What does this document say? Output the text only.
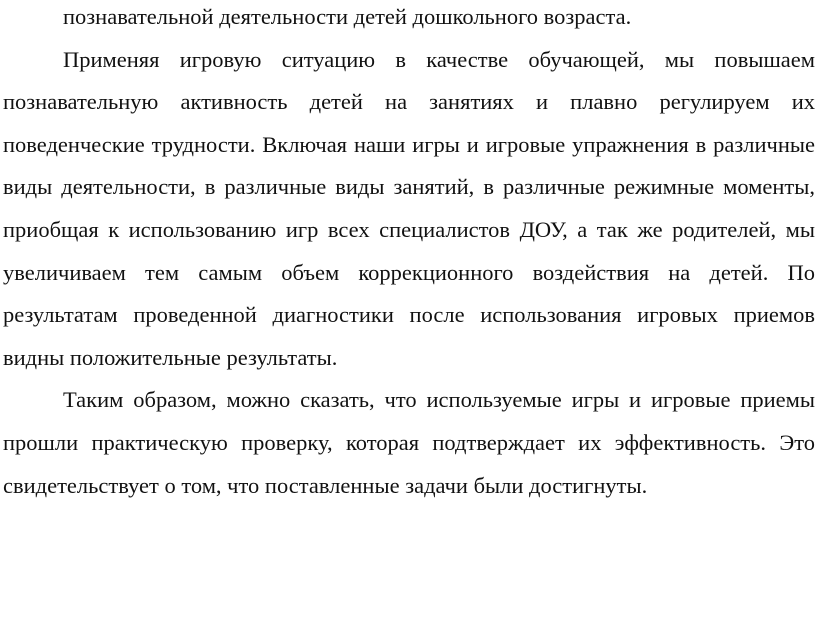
познавательной деятельности детей дошкольного возраста.

Применяя игровую ситуацию в качестве обучающей, мы повышаем познавательную активность детей на занятиях и плавно регулируем их поведенческие трудности. Включая наши игры и игровые упражнения в различные виды деятельности, в различные виды занятий, в различные режимные моменты, приобщая к использованию игр всех специалистов ДОУ, а так же родителей, мы увеличиваем тем самым объем коррекционного воздействия на детей. По результатам проведенной диагностики после использования игровых приемов видны положительные результаты.

Таким образом, можно сказать, что используемые игры и игровые приемы прошли практическую проверку, которая подтверждает их эффективность. Это свидетельствует о том, что поставленные задачи были достигнуты.
